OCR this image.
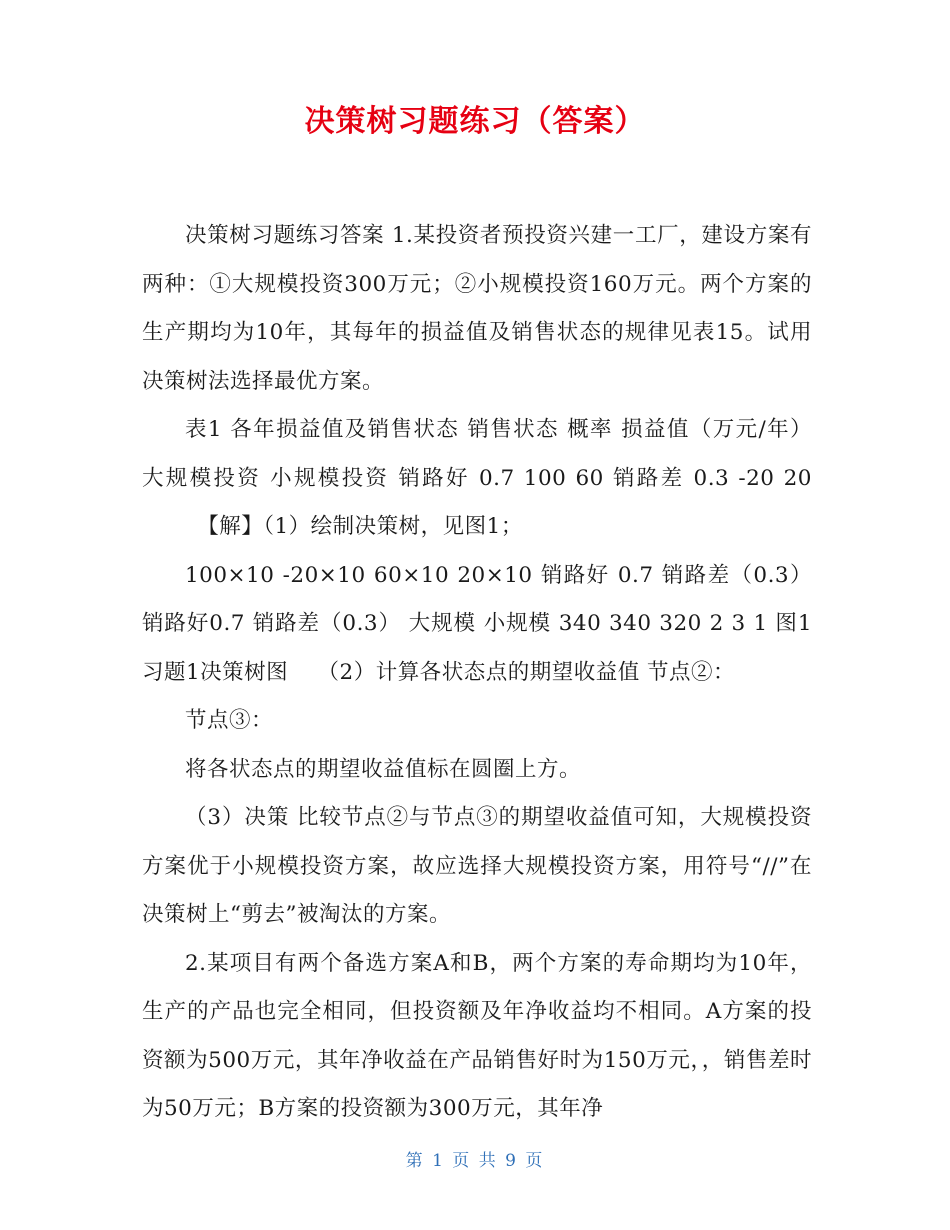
决策树习题练习（答案）

决策树习题练习答案 1.某投资者预投资兴建一工厂，建设方案有两种：①大规模投资300万元；②小规模投资160万元。两个方案的生产期均为10年，其每年的损益值及销售状态的规律见表15。试用决策树法选择最优方案。

表1 各年损益值及销售状态 销售状态 概率 损益值（万元/年） 大规模投资 小规模投资 销路好 0.7 100 60 销路差 0.3 -20 20 　　　【解】（1）绘制决策树，见图1；

100×10 -20×10 60×10 20×10 销路好 0.7 销路差（0.3） 销路好0.7 销路差（0.3） 大规模 小规模 340 340 320 2 3 1 图1　 习题1决策树图　 （2）计算各状态点的期望收益值 节点②：

节点③：

将各状态点的期望收益值标在圆圈上方。

（3）决策 比较节点②与节点③的期望收益值可知，大规模投资方案优于小规模投资方案，故应选择大规模投资方案，用符号“//”在决策树上“剪去”被淘汰的方案。

2.某项目有两个备选方案A和B，两个方案的寿命期均为10年，生产的产品也完全相同，但投资额及年净收益均不相同。A方案的投资额为500万元，其年净收益在产品销售好时为150万元，，销售差时为50万元；B方案的投资额为300万元，其年净

第 1 页 共 9 页
